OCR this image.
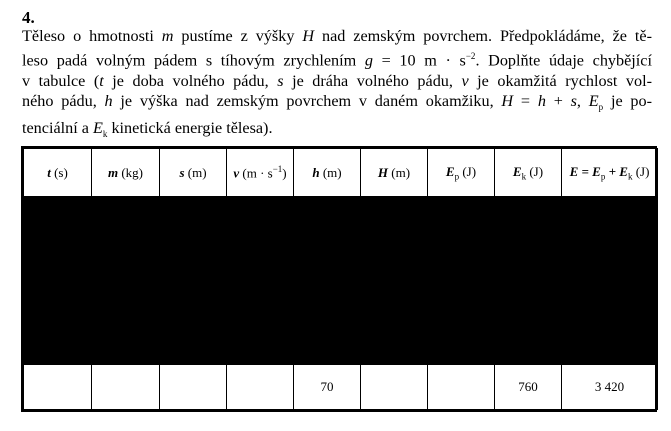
4.
Těleso o hmotnosti m pustíme z výšky H nad zemským povrchem. Předpokládáme, že tě-
leso padá volným pádem s tíhovým zrychlením g = 10 $m \cdot s^{-2}$. Doplňte údaje chybějící
v tabulce (t je doba volného pádu, s je dráha volného pádu, v je okamžitá rychlost vol-
ného pádu, h je výška nad zemským povrchem v daném okamžiku, H = h + s, $E_p$ je po-
tenciální a $E_k$ kinetická energie tělesa).
t (s)	m (kg)	s (m)	v $(m \cdot s^{-1})$	h (m)	H (m)	$E_p$ (J)	$E_k$ (J)	$E = E_p + E_k$ (J)

				70			760	3 420
